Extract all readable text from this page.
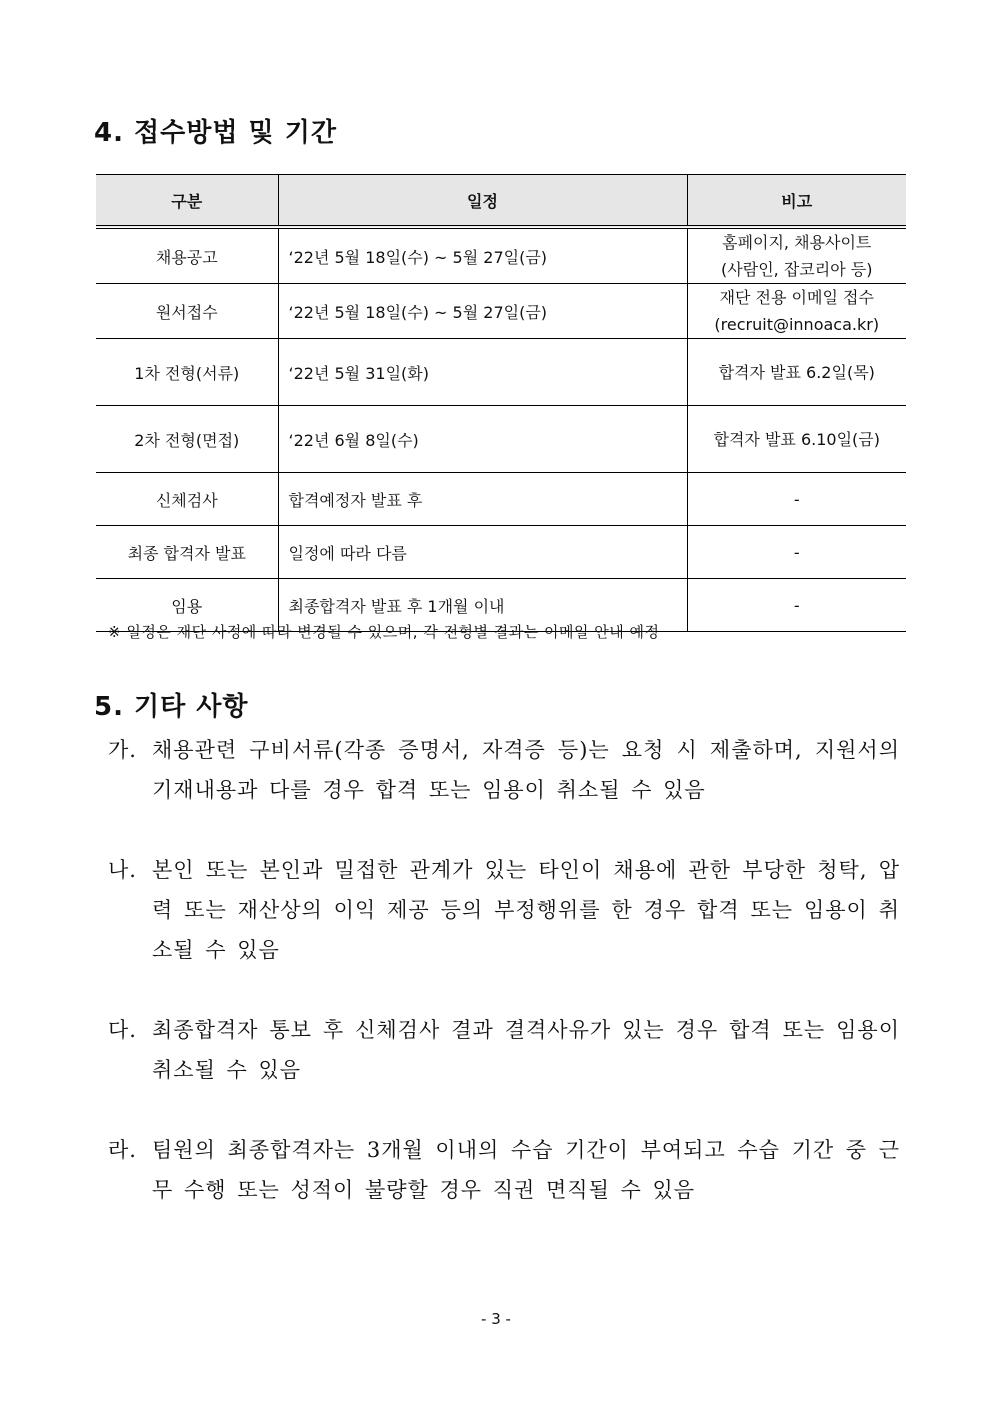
4. 접수방법 및 기간
구분	일정	비고
채용공고	‘22년 5월 18일(수) ~ 5월 27일(금)	홈페이지, 채용사이트
(사람인, 잡코리아 등)

원서접수	‘22년 5월 18일(수) ~ 5월 27일(금)	재단 전용 이메일 접수
(recruit@innoaca.kr)

1차 전형(서류)	‘22년 5월 31일(화)	합격자 발표 6.2일(목)
2차 전형(면접)	‘22년 6월 8일(수)	합격자 발표 6.10일(금)
신체검사	합격예정자 발표 후	-
최종 합격자 발표	일정에 따라 다름	-
임용	최종합격자 발표 후 1개월 이내	-

※ 일정은 재단 사정에 따라 변경될 수 있으며, 각 전형별 결과는 이메일 안내 예정

5. 기타 사항
가. 채용관련 구비서류(각종 증명서, 자격증 등)는 요청 시 제출하며, 지원서의 기재내용과 다를 경우 합격 또는 임용이 취소될 수 있음
나. 본인 또는 본인과 밀접한 관계가 있는 타인이 채용에 관한 부당한 청탁, 압력 또는 재산상의 이익 제공 등의 부정행위를 한 경우 합격 또는 임용이 취소될 수 있음
다. 최종합격자 통보 후 신체검사 결과 결격사유가 있는 경우 합격 또는 임용이 취소될 수 있음
라. 팀원의 최종합격자는 3개월 이내의 수습 기간이 부여되고 수습 기간 중 근무 수행 또는 성적이 불량할 경우 직권 면직될 수 있음

- 3 -
